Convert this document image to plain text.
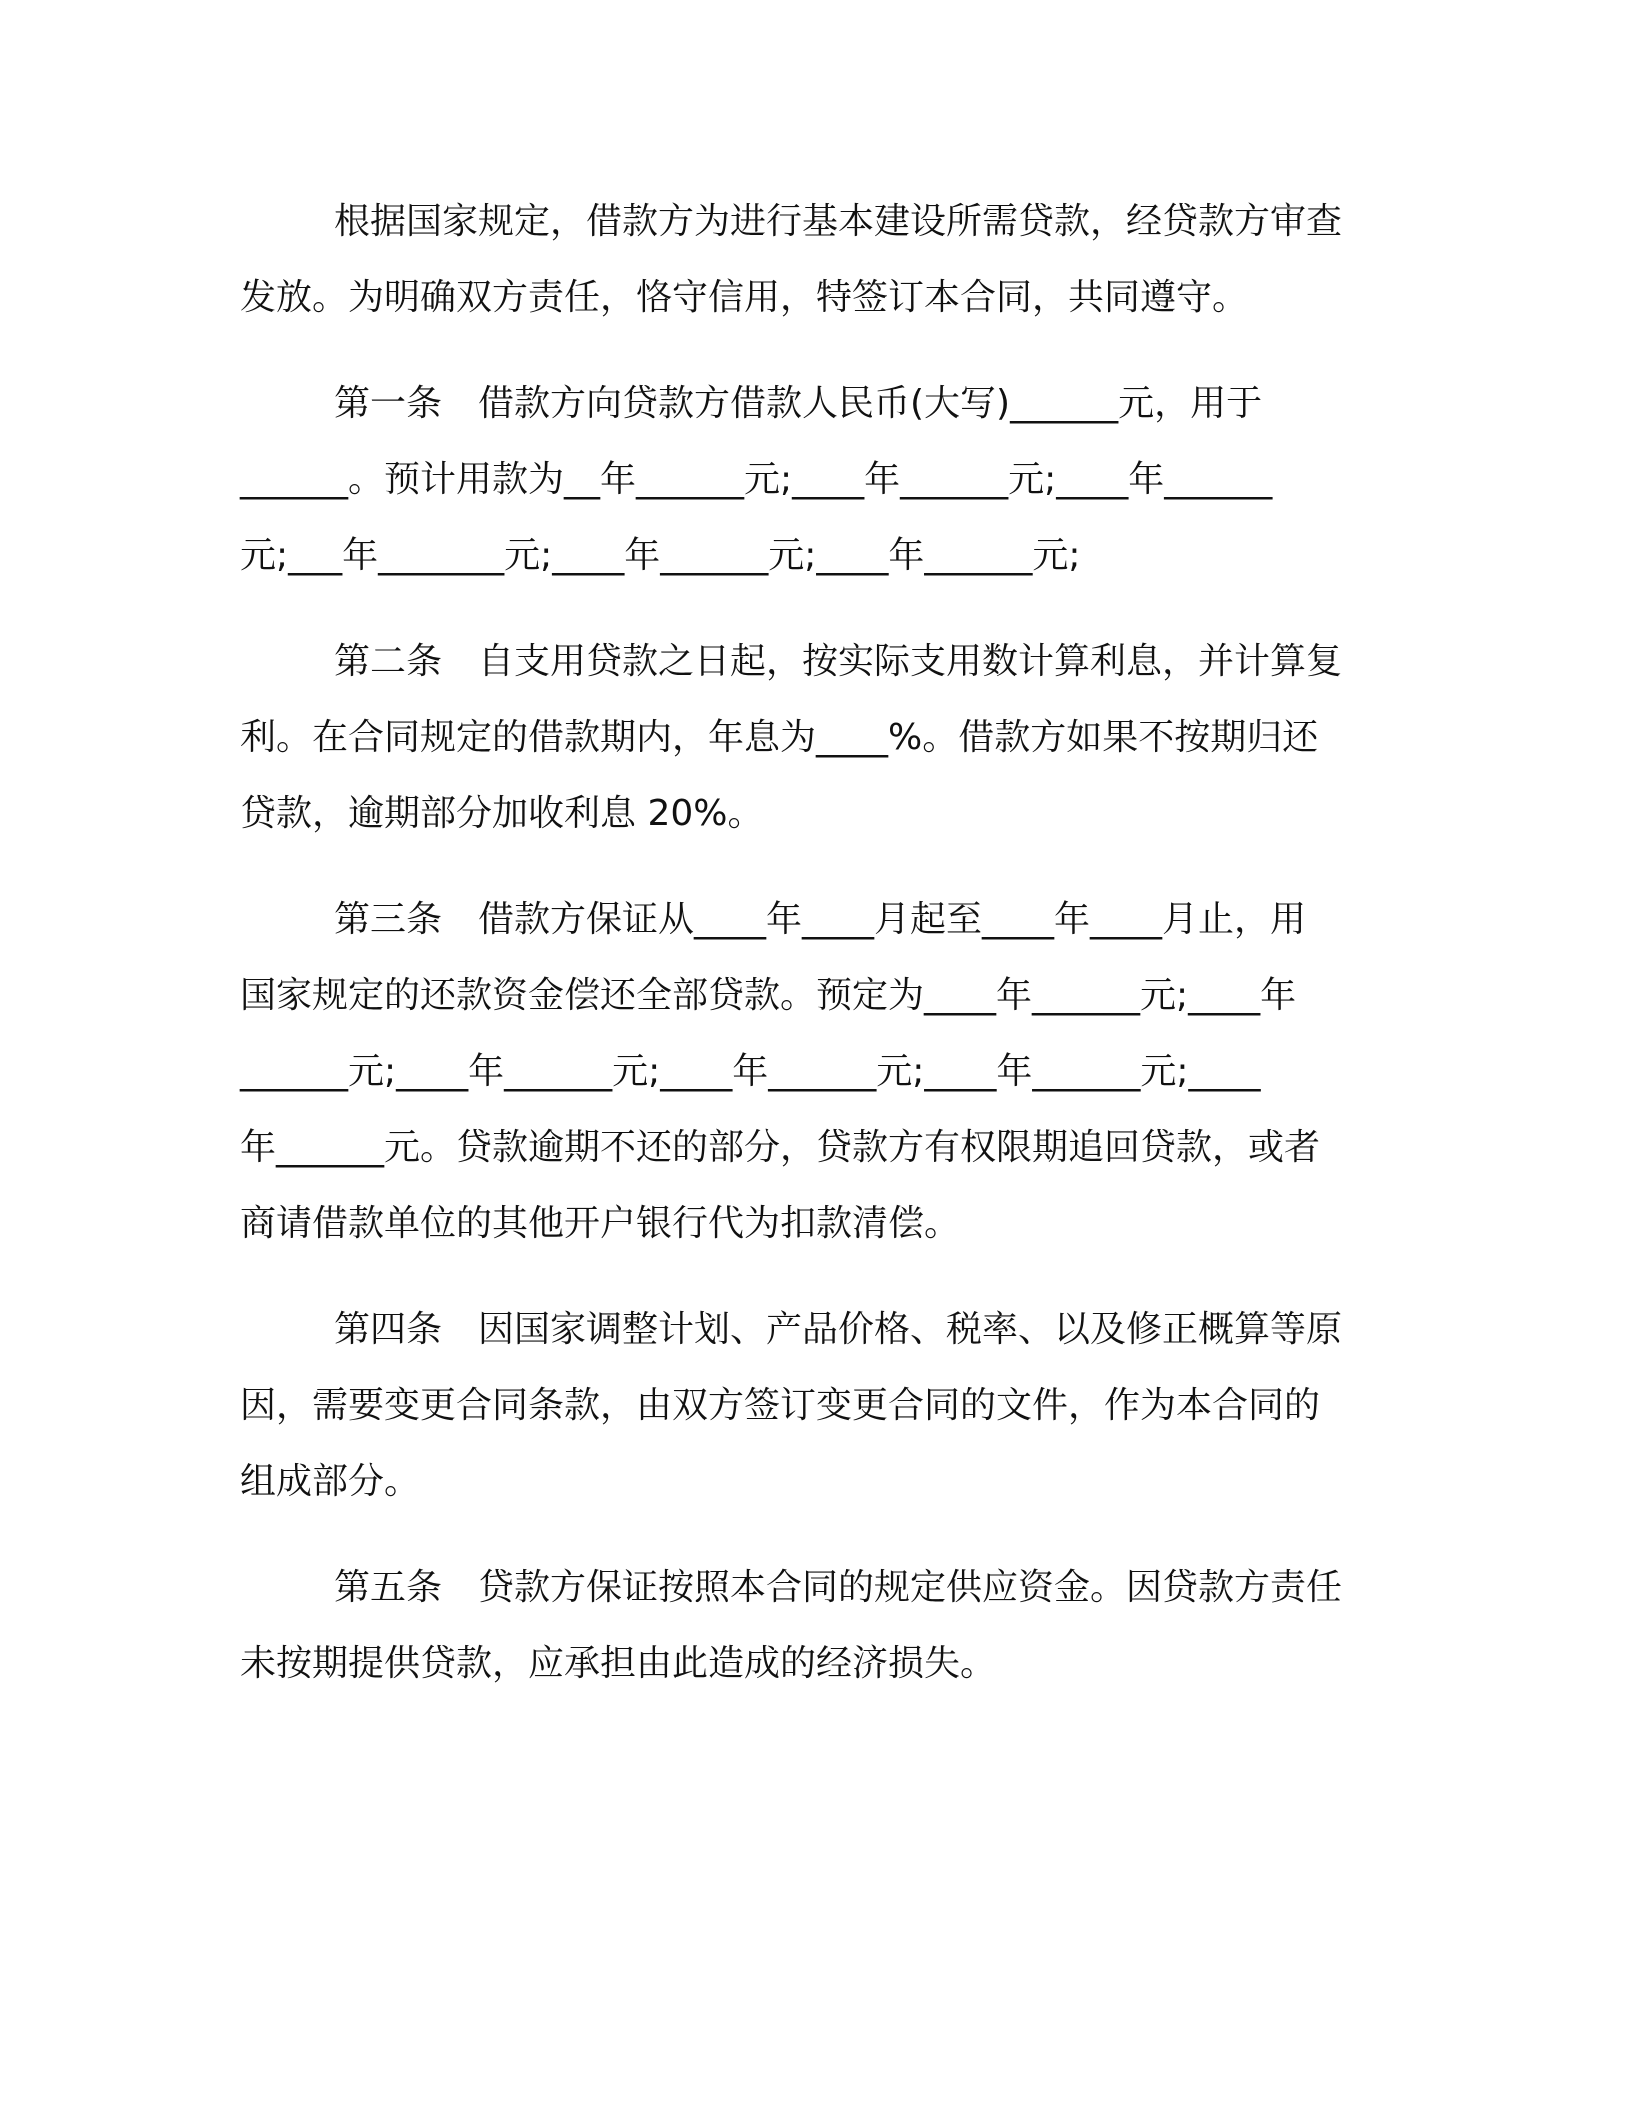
根据国家规定，借款方为进行基本建设所需贷款，经贷款方审查
发放。为明确双方责任，恪守信用，特签订本合同，共同遵守。
第一条　借款方向贷款方借款人民币(大写)______元，用于
______。预计用款为__年______元;____年______元;____年______
元;___年_______元;____年______元;____年______元;
第二条　自支用贷款之日起，按实际支用数计算利息，并计算复
利。在合同规定的借款期内，年息为____%。借款方如果不按期归还
贷款，逾期部分加收利息 20%。
第三条　借款方保证从____年____月起至____年____月止，用
国家规定的还款资金偿还全部贷款。预定为____年______元;____年
______元;____年______元;____年______元;____年______元;____
年______元。贷款逾期不还的部分，贷款方有权限期追回贷款，或者
商请借款单位的其他开户银行代为扣款清偿。
第四条　因国家调整计划、产品价格、税率、以及修正概算等原
因，需要变更合同条款，由双方签订变更合同的文件，作为本合同的
组成部分。
第五条　贷款方保证按照本合同的规定供应资金。因贷款方责任
未按期提供贷款，应承担由此造成的经济损失。
